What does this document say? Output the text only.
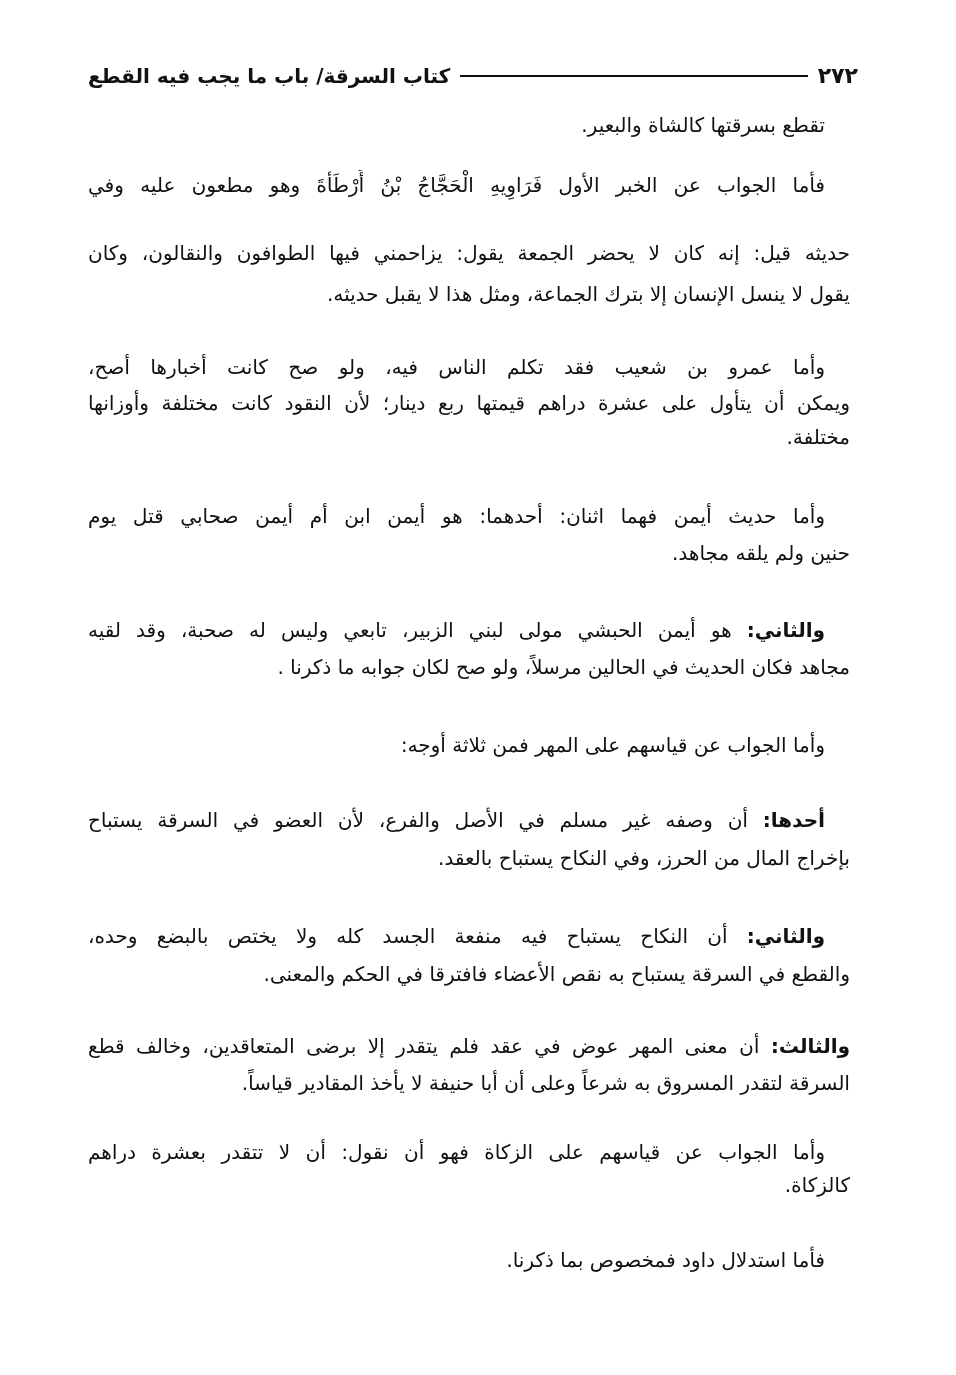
٢٧٢
كتاب السرقة/ باب ما يجب فيه القطع
تقطع بسرقتها كالشاة والبعير.
فأما الجواب عن الخبر الأول فَرَاوِيهِ الْحَجَّاجُ بْنُ أَرْطَأَةَ وهو مطعون عليه وفي
حديثه قيل: إنه كان لا يحضر الجمعة يقول: يزاحمني فيها الطوافون والنقالون، وكان
يقول لا ينسل الإنسان إلا بترك الجماعة، ومثل هذا لا يقبل حديثه.
وأما عمرو بن شعيب فقد تكلم الناس فيه، ولو صح كانت أخبارها أصح،
ويمكن أن يتأول على عشرة دراهم قيمتها ربع دينار؛ لأن النقود كانت مختلفة وأوزانها
مختلفة.
وأما حديث أيمن فهما اثنان: أحدهما: هو أيمن ابن أم أيمن صحابي قتل يوم
حنين ولم يلقه مجاهد.
والثاني: هو أيمن الحبشي مولى لبني الزبير، تابعي وليس له صحبة، وقد لقيه
مجاهد فكان الحديث في الحالين مرسلاً، ولو صح لكان جوابه ما ذكرنا .
وأما الجواب عن قياسهم على المهر فمن ثلاثة أوجه:
أحدها: أن وصفه غير مسلم في الأصل والفرع، لأن العضو في السرقة يستباح
بإخراج المال من الحرز، وفي النكاح يستباح بالعقد.
والثاني: أن النكاح يستباح فيه منفعة الجسد كله ولا يختص بالبضع وحده،
والقطع في السرقة يستباح به نقص الأعضاء فافترقا في الحكم والمعنى.
والثالث: أن معنى المهر عوض في عقد فلم يتقدر إلا برضى المتعاقدين، وخالف قطع
السرقة لتقدر المسروق به شرعاً وعلى أن أبا حنيفة لا يأخذ المقادير قياساً.
وأما الجواب عن قياسهم على الزكاة فهو أن نقول: أن لا تتقدر بعشرة دراهم
كالزكاة.
فأما استدلال داود فمخصوص بما ذكرنا.
